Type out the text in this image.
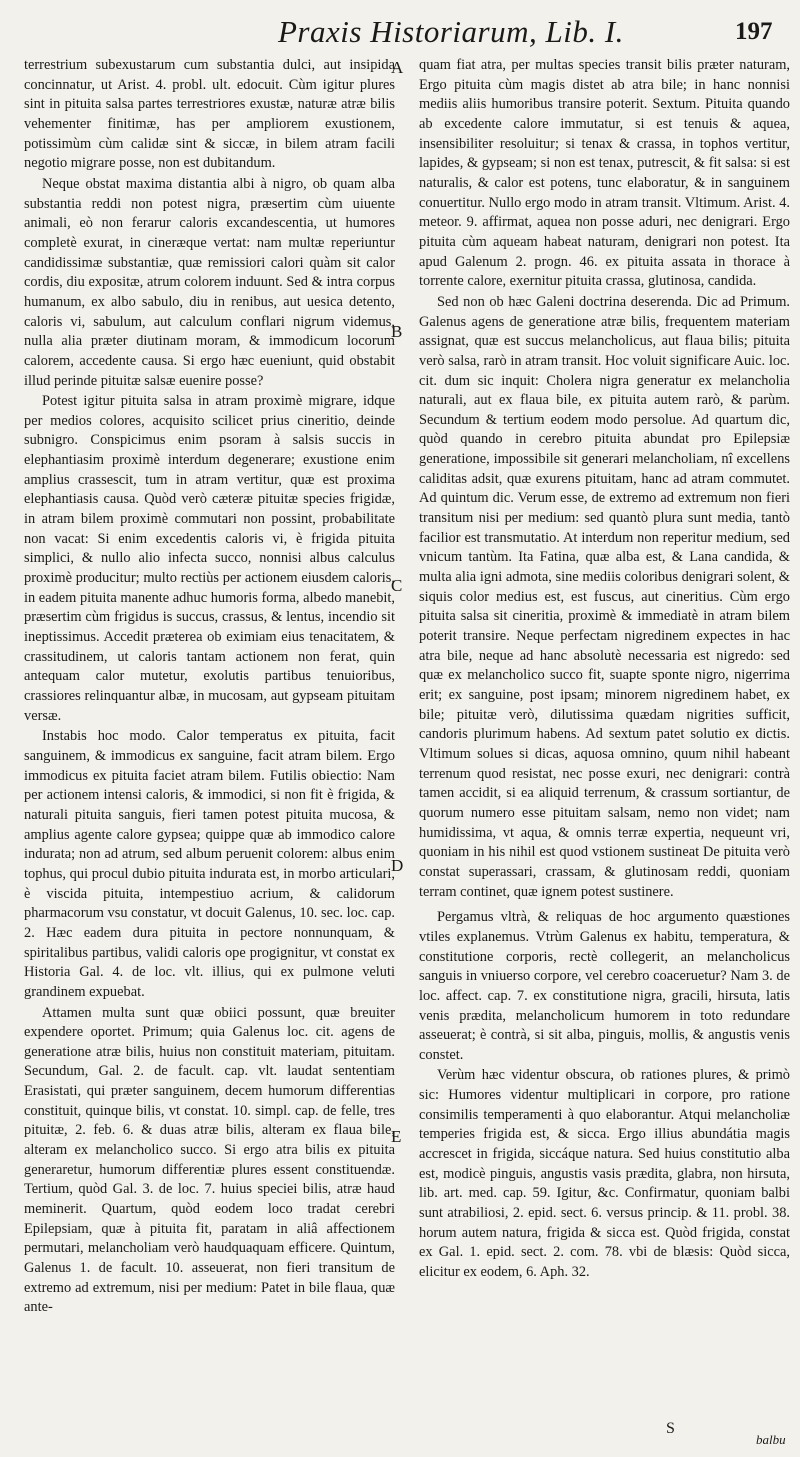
Praxis Historiarum, Lib. I.	197

terrestrium subexustarum cum substantia dulci, aut insipida concinnatur, ut Arist. 4. probl. ult. edocuit. Cùm igitur plures sint in pituita salsa partes terrestriores exustæ, naturæ atræ bilis vehementer finitimæ, has per ampliorem exustionem, potissimùm cùm calidæ sint & siccæ, in bilem atram facili negotio migrare posse, non est dubitandum.

Neque obstat maxima distantia albi à nigro, ob quam alba substantia reddi non potest nigra, præsertim cùm uiuente animali, eò non ferarur caloris excandescentia, ut humores completè exurat, in cineræque vertat: nam multæ reperiuntur candidissimæ substantiæ, quæ remissiori calori quàm sit calor cordis, diu expositæ, atrum colorem induunt. Sed & intra corpus humanum, ex albo sabulo, diu in renibus, aut uesica detento, caloris vi, sabulum, aut calculum conflari nigrum videmus, nulla alia præter diutinam moram, & immodicum locorum calorem, accedente causa. Si ergo hæc eueniunt, quid obstabit illud perinde pituitæ salsæ euenire posse?

Potest igitur pituita salsa in atram proximè migrare, idque per medios colores, acquisito scilicet prius cineritio, deinde subnigro. Conspicimus enim psoram à salsis succis in elephantiasim proximè interdum degenerare; exustione enim amplius crassescit, tum in atram vertitur, quæ est proxima elephantiasis causa. Quòd verò cæteræ pituitæ species frigidæ, in atram bilem proximè commutari non possint, probabilitate non vacat: Si enim excedentis caloris vi, è frigida pituita simplici, & nullo alio infecta succo, nonnisi albus calculus proximè producitur; multo rectiùs per actionem eiusdem caloris, in eadem pituita manente adhuc humoris forma, albedo manebit, præsertim cùm frigidus is succus, crassus, & lentus, incendio sit ineptissimus. Accedit præterea ob eximiam eius tenacitatem, & crassitudinem, ut caloris tantam actionem non ferat, quin antequam calor mutetur, exolutis partibus tenuioribus, crassiores relinquantur albæ, in mucosam, aut gypseam pituitam versæ.

Instabis hoc modo. Calor temperatus ex pituita, facit sanguinem, & immodicus ex sanguine, facit atram bilem. Ergo immodicus ex pituita faciet atram bilem. Futilis obiectio: Nam per actionem intensi caloris, & immodici, si non fit è frigida, & naturali pituita sanguis, fieri tamen potest pituita mucosa, & amplius agente calore gypsea; quippe quæ ab immodico calore indurata; non ad atrum, sed album peruenit colorem: albus enim tophus, qui procul dubio pituita indurata est, in morbo articulari, è viscida pituita, intempestiuo acrium, & calidorum pharmacorum vsu constatur, vt docuit Galenus, 10. sec. loc. cap. 2. Hæc eadem dura pituita in pectore nonnunquam, & spiritalibus partibus, validi caloris ope progignitur, vt constat ex Historia Gal. 4. de loc. vlt. illius, qui ex pulmone veluti grandinem expuebat.

Attamen multa sunt quæ obiici possunt, quæ breuiter expendere oportet. Primum; quia Galenus loc. cit. agens de generatione atræ bilis, huius non constituit materiam, pituitam. Secundum, Gal. 2. de facult. cap. vlt. laudat sententiam Erasistati, qui præter sanguinem, decem humorum differentias constituit, quinque bilis, vt constat. 10. simpl. cap. de felle, tres pituitæ, 2. feb. 6. & duas atræ bilis, alteram ex flaua bile, alteram ex melancholico succo. Si ergo atra bilis ex pituita generaretur, humorum differentiæ plures essent constituendæ. Tertium, quòd Gal. 3. de loc. 7. huius speciei bilis, atræ haud meminerit. Quartum, quòd eodem loco tradat cerebri Epilepsiam, quæ à pituita fit, paratam in aliâ affectionem permutari, melancholiam verò haudquaquam efficere. Quintum, Galenus 1. de facult. 10. asseuerat, non fieri transitum de extremo ad extremum, nisi per medium: Patet in bile flaua, quæ ante-

A
B
C
D
E

quam fiat atra, per multas species transit bilis præter naturam, Ergo pituita cùm magis distet ab atra bile; in hanc nonnisi mediis aliis humoribus transire poterit. Sextum. Pituita quando ab excedente calore immutatur, si est tenuis & aquea, insensibiliter resoluitur; si tenax & crassa, in tophos vertitur, lapides, & gypseam; si non est tenax, putrescit, & fit salsa: si est naturalis, & calor est potens, tunc elaboratur, & in sanguinem conuertitur. Nullo ergo modo in atram transit. Vltimum. Arist. 4. meteor. 9. affirmat, aquea non posse aduri, nec denigrari. Ergo pituita cùm aqueam habeat naturam, denigrari non potest. Ita apud Galenum 2. progn. 46. ex pituita assata in thorace à torrente calore, exernitur pituita crassa, glutinosa, candida.

Sed non ob hæc Galeni doctrina deserenda. Dic ad Primum. Galenus agens de generatione atræ bilis, frequentem materiam assignat, quæ est succus melancholicus, aut flaua bilis; pituita verò salsa, rarò in atram transit. Hoc voluit significare Auic. loc. cit. dum sic inquit: Cholera nigra generatur ex melancholia naturali, aut ex flaua bile, ex pituita autem rarò, & parùm. Secundum & tertium eodem modo persolue. Ad quartum dic, quòd quando in cerebro pituita abundat pro Epilepsiæ generatione, impossibile sit generari melancholiam, nî excellens caliditas adsit, quæ exurens pituitam, hanc ad atram commutet. Ad quintum dic. Verum esse, de extremo ad extremum non fieri transitum nisi per medium: sed quantò plura sunt media, tantò facilior est transmutatio. At interdum non reperitur medium, sed vnicum tantùm. Ita Fatina, quæ alba est, & Lana candida, & multa alia igni admota, sine mediis coloribus denigrari solent, & siquis color medius est, est fuscus, aut cineritius. Cùm ergo pituita salsa sit cineritia, proximè & immediatè in atram bilem poterit transire. Neque perfectam nigredinem expectes in hac atra bile, neque ad hanc absolutè necessaria est nigredo: sed quæ ex melancholico succo fit, suapte sponte nigro, nigerrima erit; ex sanguine, post ipsam; minorem nigredinem habet, ex bile; pituitæ verò, dilutissima quædam nigrities sufficit, candoris plurimum habens. Ad sextum patet solutio ex dictis. Vltimum solues si dicas, aquosa omnino, quum nihil habeant terrenum quod resistat, nec posse exuri, nec denigrari: contrà tamen accidit, si ea aliquid terrenum, & crassum sortiantur, de quorum numero esse pituitam salsam, nemo non videt; nam humidissima, vt aqua, & omnis terræ expertia, nequeunt vri, quoniam in his nihil est quod vstionem sustineat De pituita verò constat superassari, crassam, & glutinosam reddi, quoniam terram continet, quæ ignem potest sustinere.

Pergamus vltrà, & reliquas de hoc argumento quæstiones vtiles explanemus. Vtrùm Galenus ex habitu, temperatura, & constitutione corporis, rectè collegerit, an melancholicus sanguis in vniuerso corpore, vel cerebro coaceruetur? Nam 3. de loc. affect. cap. 7. ex constitutione nigra, gracili, hirsuta, latis venis prædita, melancholicum humorem in toto redundare asseuerat; è contrà, si sit alba, pinguis, mollis, & angustis venis constet.

Verùm hæc videntur obscura, ob rationes plures, & primò sic: Humores videntur multiplicari in corpore, pro ratione consimilis temperamenti à quo elaborantur. Atqui melancholiæ temperies frigida est, & sicca. Ergo illius abundátia magis accrescet in frigida, siccáque natura. Sed huius constitutio alba est, modicè pinguis, angustis vasis prædita, glabra, non hirsuta, lib. art. med. cap. 59. Igitur, &c. Confirmatur, quoniam balbi sunt atrabiliosi, 2. epid. sect. 6. versus princip. & 11. probl. 38. horum autem natura, frigida & sicca est. Quòd frigida, constat ex Gal. 1. epid. sect. 2. com. 78. vbi de blæsis: Quòd sicca, elicitur ex eodem, 6. Aph. 32.

S
balbu
